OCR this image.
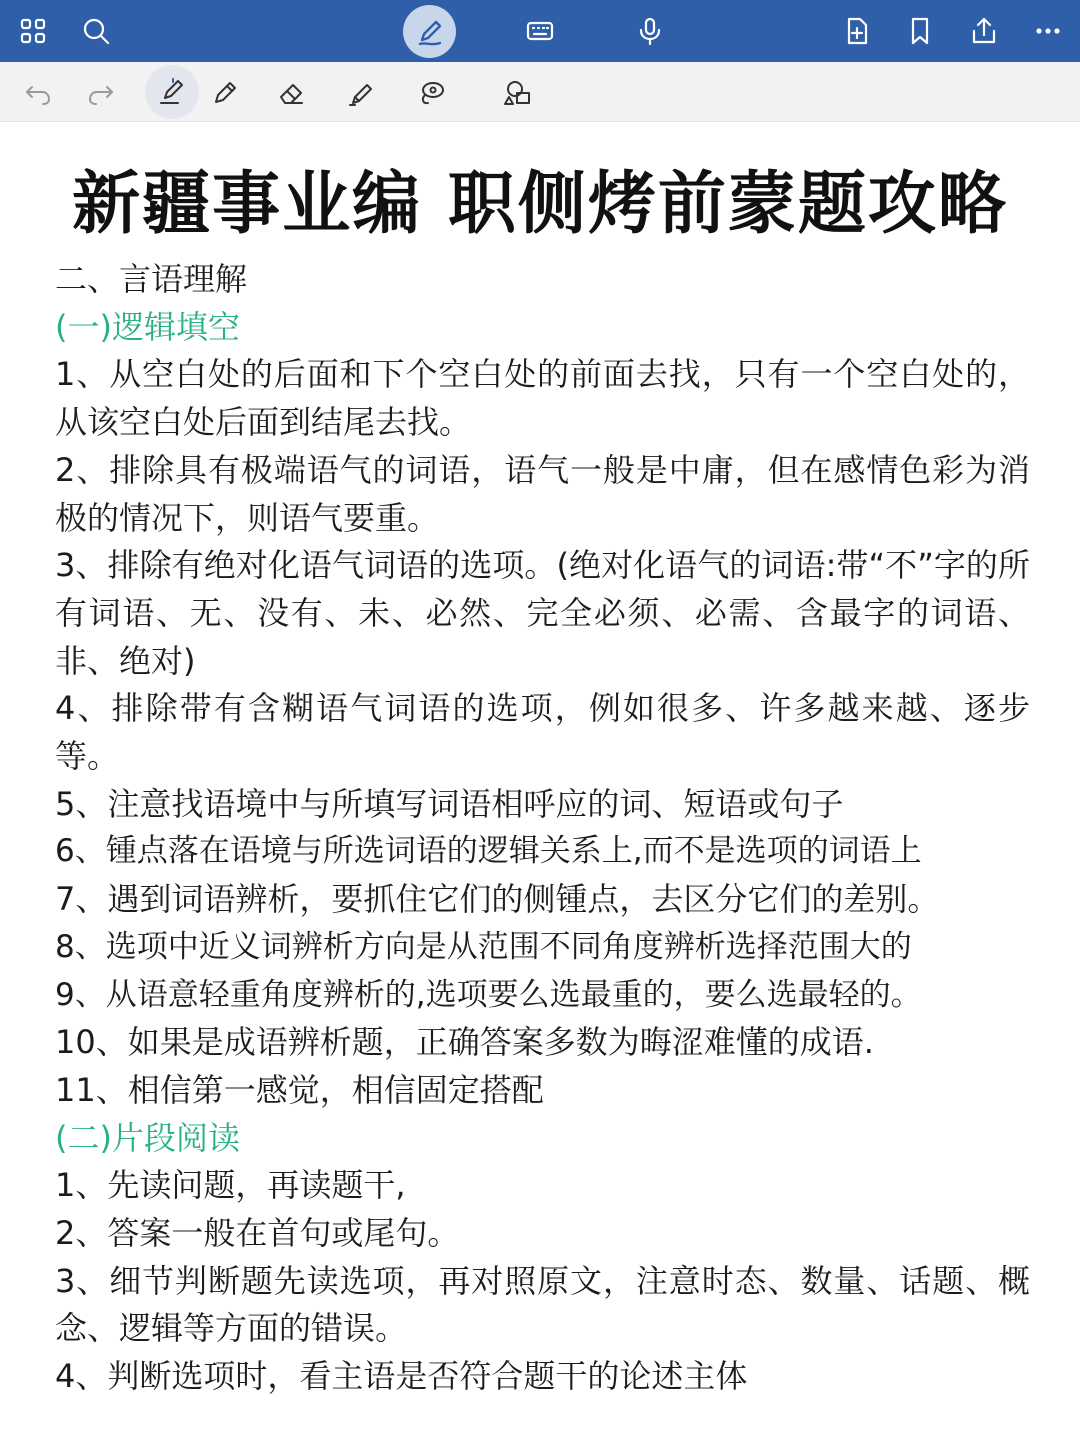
新疆事业编 职侧烤前蒙题攻略

二、言语理解

(一)逻辑填空

1、从空白处的后面和下个空白处的前面去找，只有一个空白处的，从该空白处后面到结尾去找。

2、排除具有极端语气的词语，语气一般是中庸，但在感情色彩为消极的情况下，则语气要重。

3、排除有绝对化语气词语的选项。(绝对化语气的词语:带“不”字的所有词语、无、没有、未、必然、完全必须、必需、含最字的词语、非、绝对)

4、排除带有含糊语气词语的选项，例如很多、许多越来越、逐步等。

5、注意找语境中与所填写词语相呼应的词、短语或句子

6、锺点落在语境与所选词语的逻辑关系上,而不是选项的词语上

7、遇到词语辨析，要抓住它们的侧锺点，去区分它们的差别。

8、选项中近义词辨析方向是从范围不同角度辨析选择范围大的

9、从语意轻重角度辨析的,选项要么选最重的，要么选最轻的。

10、如果是成语辨析题，正确答案多数为晦涩难懂的成语.

11、相信第一感觉，相信固定搭配

(二)片段阅读

1、先读问题，再读题干,

2、答案一般在首句或尾句。

3、细节判断题先读选项，再对照原文，注意时态、数量、话题、概念、逻辑等方面的错误。

4、判断选项时，看主语是否符合题干的论述主体
